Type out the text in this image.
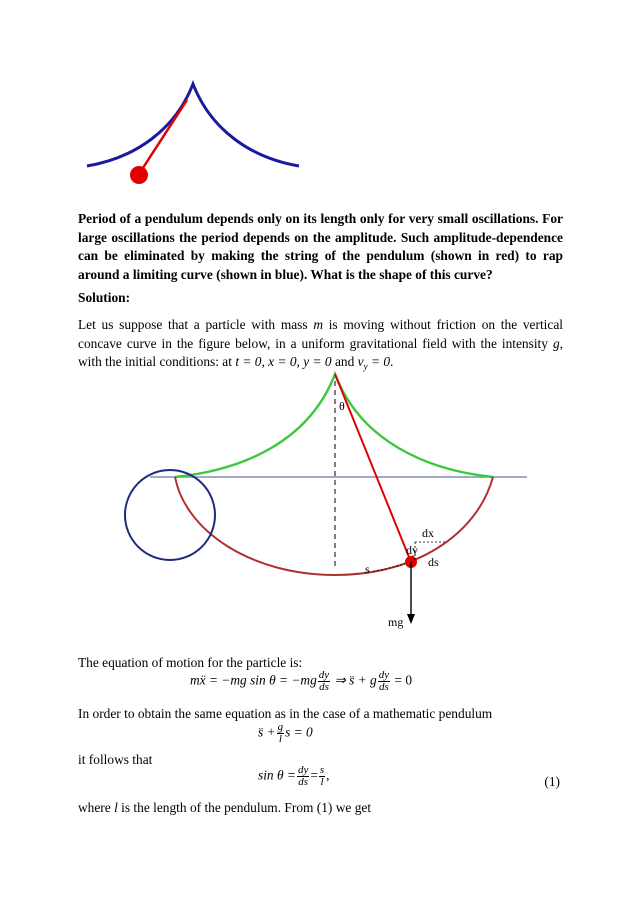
Period of a pendulum depends only on its length only for very small oscillations. For large oscillations the period depends on the amplitude. Such amplitude-dependence can be eliminated by making the string of the pendulum (shown in red) to rap around a limiting curve (shown in blue). What is the shape of this curve?
Solution:
Let us suppose that a particle with mass m is moving without friction on the vertical concave curve in the figure below, in a uniform gravitational field with the intensity g, with the initial conditions: at t = 0, x = 0, y = 0 and $v_y = 0$.
θ
dx
dy
ds
s
mg
The equation of motion for the particle is:
mẍ = −mg $\sin \theta = -mg \frac{dy}{ds}$ ⇒ s̈ + g $\frac{dy}{ds} = 0$
In order to obtain the same equation as in the case of a mathematic pendulum
s̈ + $\frac{g}{l}$ s = 0
it follows that
$\sin \theta = \frac{dy}{ds} = \frac{s}{l}$ ,	(1)
where l is the length of the pendulum. From (1) we get
